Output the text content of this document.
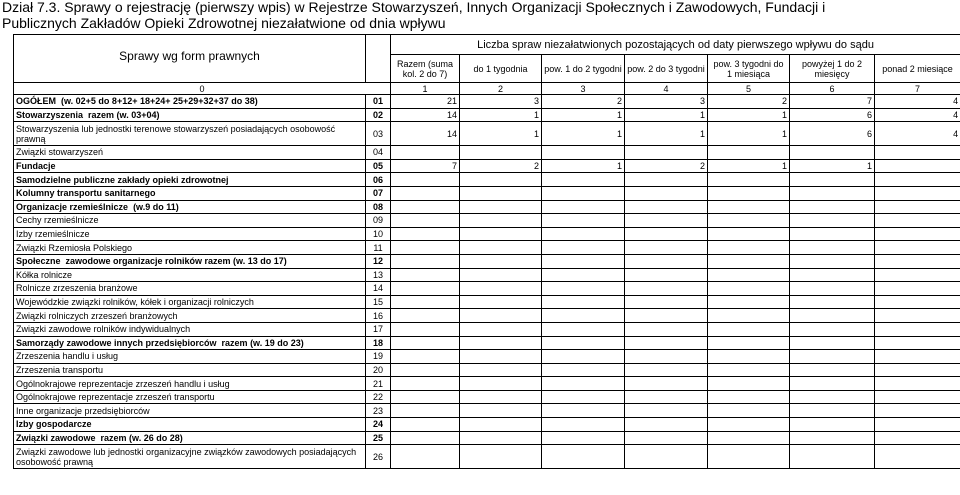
Dział 7.3. Sprawy o rejestrację (pierwszy wpis) w Rejestrze Stowarzyszeń, Innych Organizacji Społecznych i Zawodowych, Fundacji i
Publicznych Zakładów Opieki Zdrowotnej niezałatwione od dnia wpływu
Sprawy wg form prawnych		Liczba spraw niezałatwionych pozostających od daty pierwszego wpływu do sądu						
		Razem (suma kol. 2 do 7)	do 1 tygodnia	pow. 1 do 2 tygodni	pow. 2 do 3 tygodni	pow. 3 tygodni do 1 miesiąca	powyżej 1 do 2 miesięcy	ponad 2 miesiące
0		1	2	3	4	5	6	7
OGÓŁEM (w. 02+5 do 8+12+ 18+24+ 25+29+32+37 do 38)	01	21	3	2	3	2	7	4
Stowarzyszenia razem (w. 03+04)	02	14	1	1	1	1	6	4
Stowarzyszenia lub jednostki terenowe stowarzyszeń posiadających osobowość prawną	03	14	1	1	1	1	6	4
Związki stowarzyszeń	04							
Fundacje	05	7	2	1	2	1	1	
Samodzielne publiczne zakłady opieki zdrowotnej	06							
Kolumny transportu sanitarnego	07							
Organizacje rzemieślnicze (w.9 do 11)	08							
Cechy rzemieślnicze	09							
Izby rzemieślnicze	10							
Związki Rzemiosła Polskiego	11							
Społeczne zawodowe organizacje rolników razem (w. 13 do 17)	12							
Kółka rolnicze	13							
Rolnicze zrzeszenia branżowe	14							
Wojewódzkie związki rolników, kółek i organizacji rolniczych	15							
Związki rolniczych zrzeszeń branżowych	16							
Związki zawodowe rolników indywidualnych	17							
Samorządy zawodowe innych przedsiębiorców razem (w. 19 do 23)	18							
Zrzeszenia handlu i usług	19							
Zrzeszenia transportu	20							
Ogólnokrajowe reprezentacje zrzeszeń handlu i usług	21							
Ogólnokrajowe reprezentacje zrzeszeń transportu	22							
Inne organizacje przedsiębiorców	23							
Izby gospodarcze	24							
Związki zawodowe razem (w. 26 do 28)	25							
Związki zawodowe lub jednostki organizacyjne związków zawodowych posiadających osobowość prawną	26							
